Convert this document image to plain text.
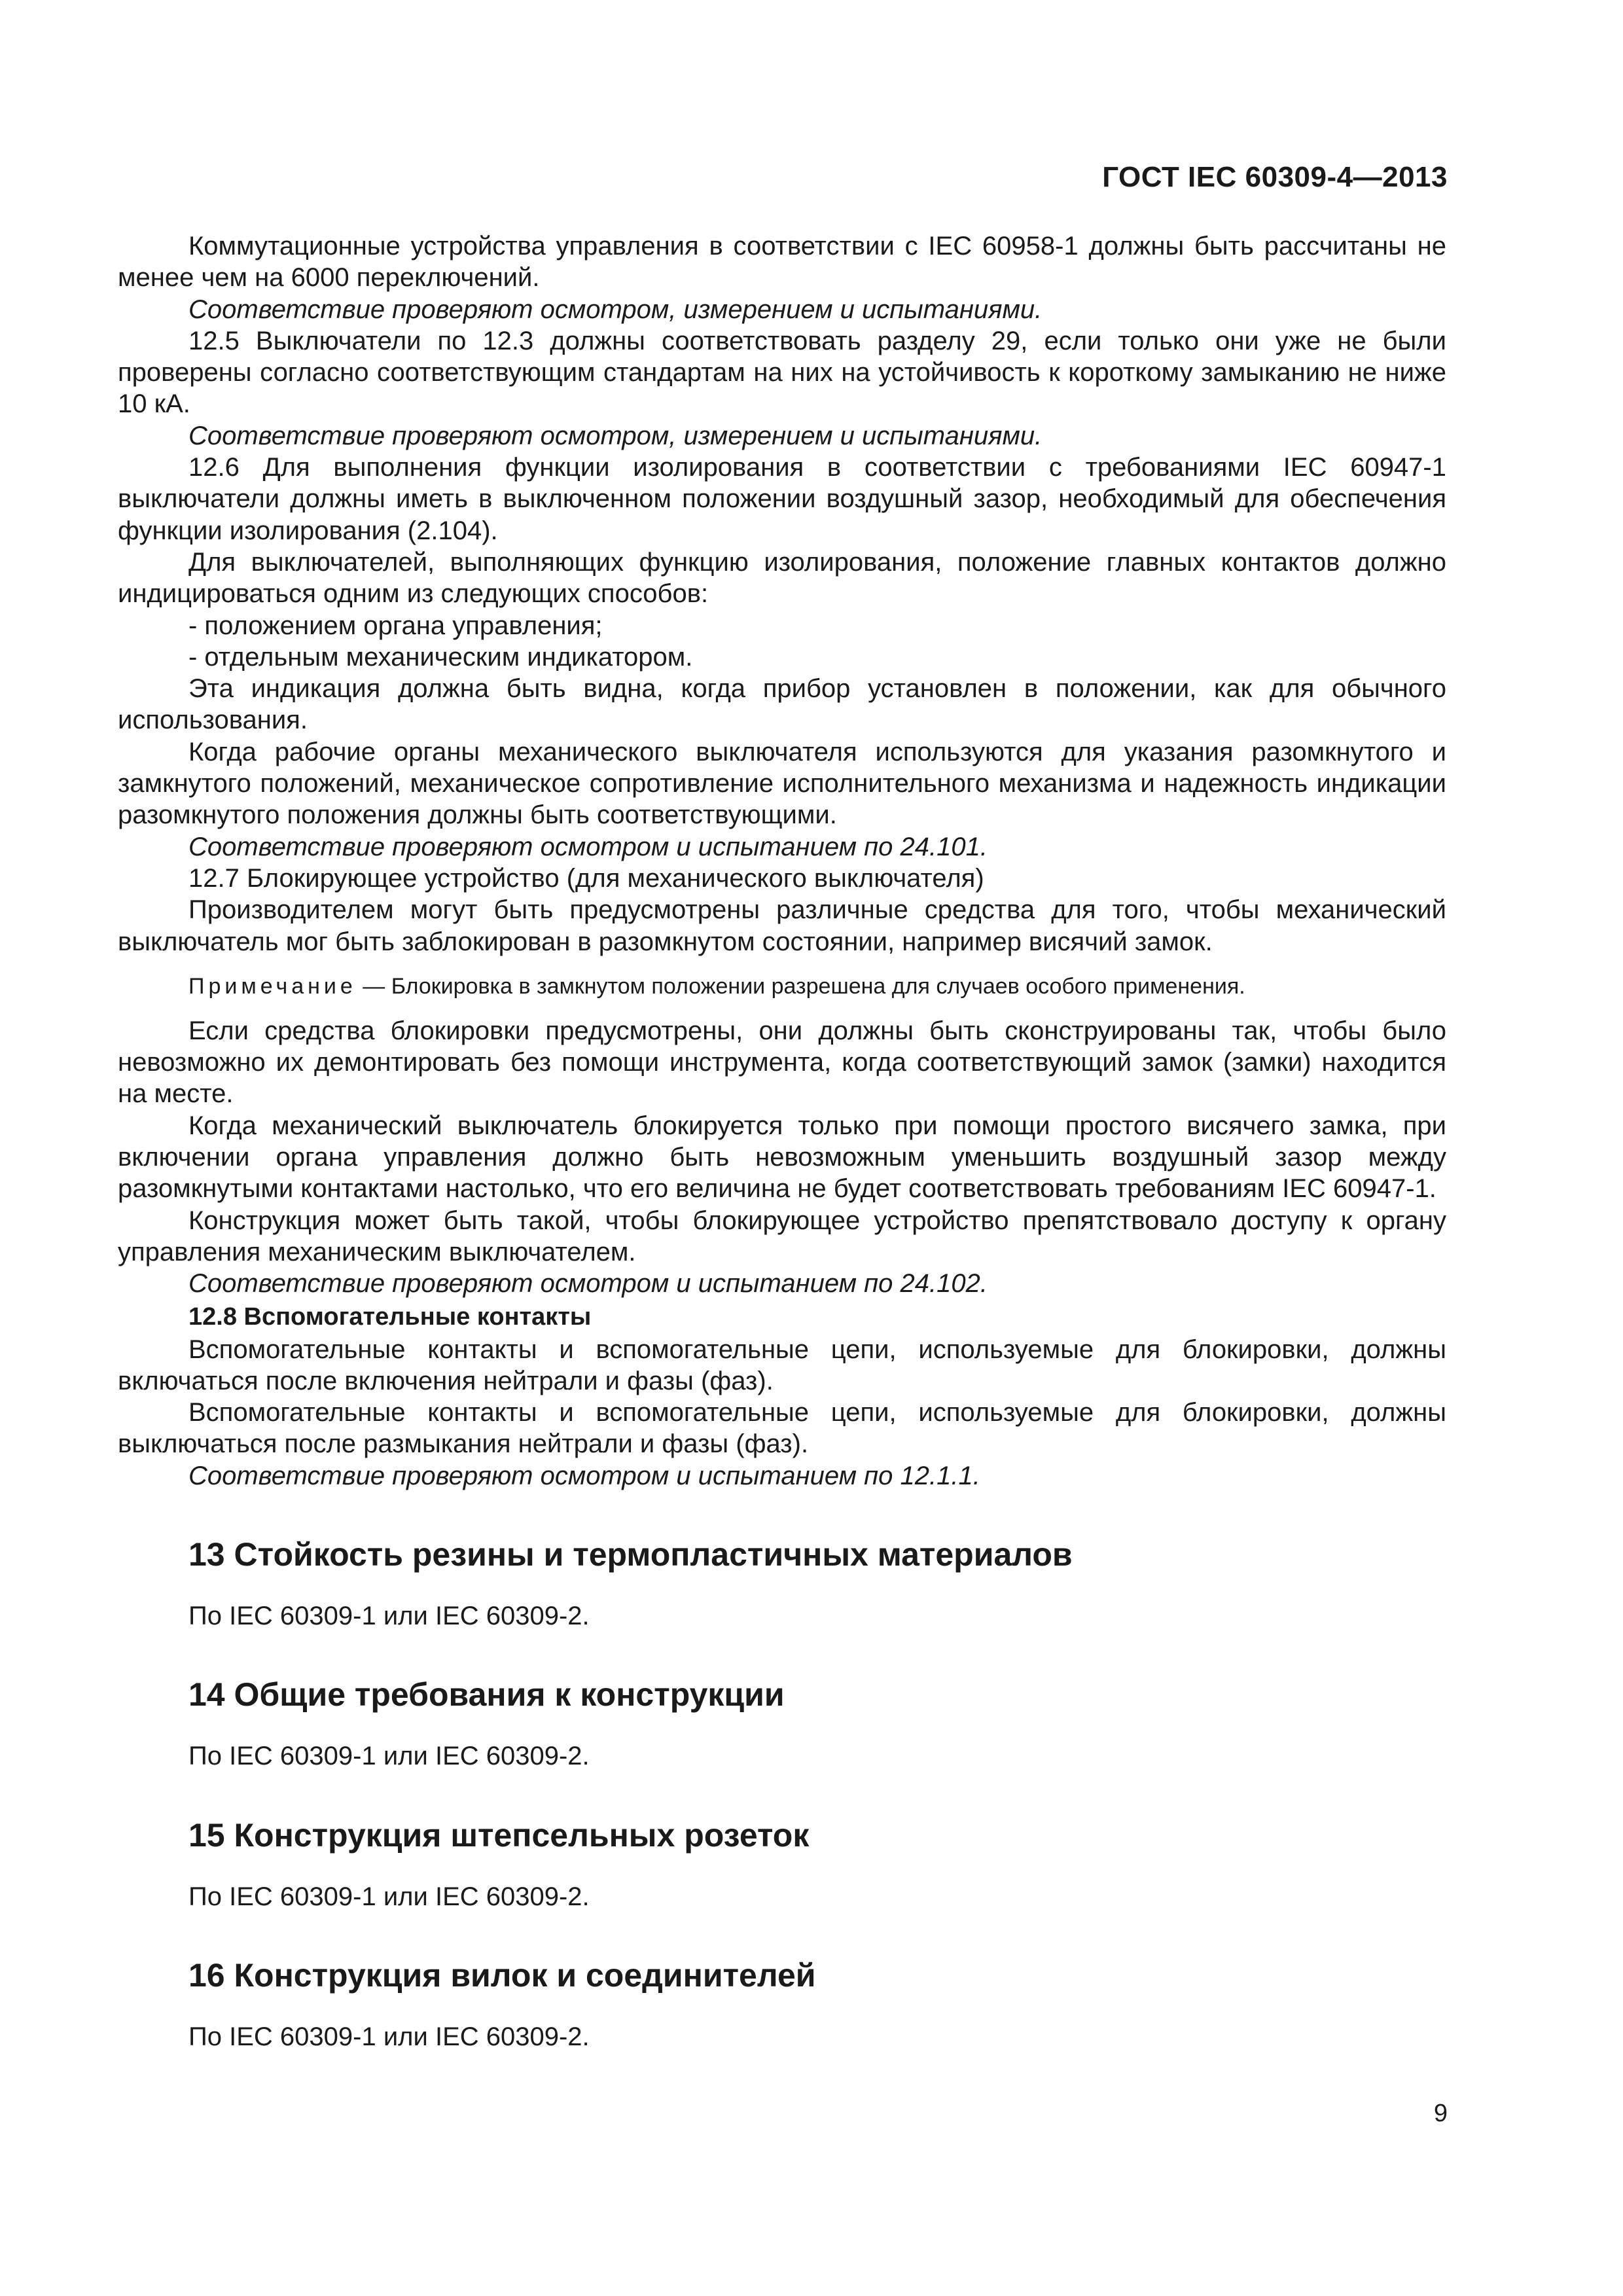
ГОСТ IEC 60309-4—2013

Коммутационные устройства управления в соответствии с IEC 60958-1 должны быть рассчитаны не менее чем на 6000 переключений.

Соответствие проверяют осмотром, измерением и испытаниями.

12.5 Выключатели по 12.3 должны соответствовать разделу 29, если только они уже не были проверены согласно соответствующим стандартам на них на устойчивость к короткому замыканию не ниже 10 кА.

Соответствие проверяют осмотром, измерением и испытаниями.

12.6 Для выполнения функции изолирования в соответствии с требованиями IEC 60947-1 выключатели должны иметь в выключенном положении воздушный зазор, необходимый для обеспечения функции изолирования (2.104).

Для выключателей, выполняющих функцию изолирования, положение главных контактов должно индицироваться одним из следующих способов:

- положением органа управления;

- отдельным механическим индикатором.

Эта индикация должна быть видна, когда прибор установлен в положении, как для обычного использования.

Когда рабочие органы механического выключателя используются для указания разомкнутого и замкнутого положений, механическое сопротивление исполнительного механизма и надежность индикации разомкнутого положения должны быть соответствующими.

Соответствие проверяют осмотром и испытанием по 24.101.

12.7 Блокирующее устройство (для механического выключателя)

Производителем могут быть предусмотрены различные средства для того, чтобы механический выключатель мог быть заблокирован в разомкнутом состоянии, например висячий замок.

Примечание — Блокировка в замкнутом положении разрешена для случаев особого применения.

Если средства блокировки предусмотрены, они должны быть сконструированы так, чтобы было невозможно их демонтировать без помощи инструмента, когда соответствующий замок (замки) находится на месте.

Когда механический выключатель блокируется только при помощи простого висячего замка, при включении органа управления должно быть невозможным уменьшить воздушный зазор между разомкнутыми контактами настолько, что его величина не будет соответствовать требованиям IEC 60947-1.

Конструкция может быть такой, чтобы блокирующее устройство препятствовало доступу к органу управления механическим выключателем.

Соответствие проверяют осмотром и испытанием по 24.102.

12.8 Вспомогательные контакты

Вспомогательные контакты и вспомогательные цепи, используемые для блокировки, должны включаться после включения нейтрали и фазы (фаз).

Вспомогательные контакты и вспомогательные цепи, используемые для блокировки, должны выключаться после размыкания нейтрали и фазы (фаз).

Соответствие проверяют осмотром и испытанием по 12.1.1.

13 Стойкость резины и термопластичных материалов

По IEC 60309-1 или IEC 60309-2.

14 Общие требования к конструкции

По IEC 60309-1 или IEC 60309-2.

15 Конструкция штепсельных розеток

По IEC 60309-1 или IEC 60309-2.

16 Конструкция вилок и соединителей

По IEC 60309-1 или IEC 60309-2.

9
